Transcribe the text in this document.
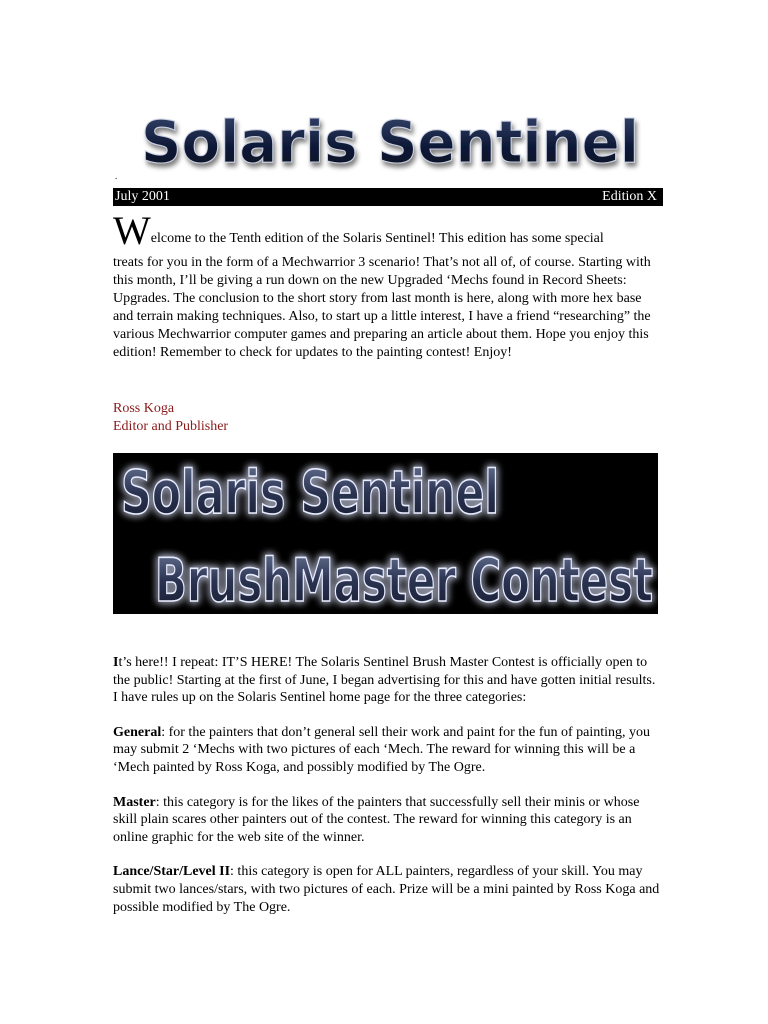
Solaris Sentinel
.
July 2001	Edition X

Welcome to the Tenth edition of the Solaris Sentinel! This edition has some special

treats for you in the form of a Mechwarrior 3 scenario! That’s not all of, of course. Starting with this month, I’ll be giving a run down on the new Upgraded ‘Mechs found in Record Sheets: Upgrades. The conclusion to the short story from last month is here, along with more hex base and terrain making techniques. Also, to start up a little interest, I have a friend “researching” the various Mechwarrior computer games and preparing an article about them. Hope you enjoy this edition! Remember to check for updates to the painting contest! Enjoy!

Ross Koga
Editor and Publisher
Solaris Sentinel
BrushMaster Contest

It’s here!! I repeat: IT’S HERE! The Solaris Sentinel Brush Master Contest is officially open to the public! Starting at the first of June, I began advertising for this and have gotten initial results. I have rules up on the Solaris Sentinel home page for the three categories:

General: for the painters that don’t general sell their work and paint for the fun of painting, you may submit 2 ‘Mechs with two pictures of each ‘Mech. The reward for winning this will be a ‘Mech painted by Ross Koga, and possibly modified by The Ogre.

Master: this category is for the likes of the painters that successfully sell their minis or whose skill plain scares other painters out of the contest. The reward for winning this category is an online graphic for the web site of the winner.

Lance/Star/Level II: this category is open for ALL painters, regardless of your skill. You may submit two lances/stars, with two pictures of each. Prize will be a mini painted by Ross Koga and possible modified by The Ogre.
